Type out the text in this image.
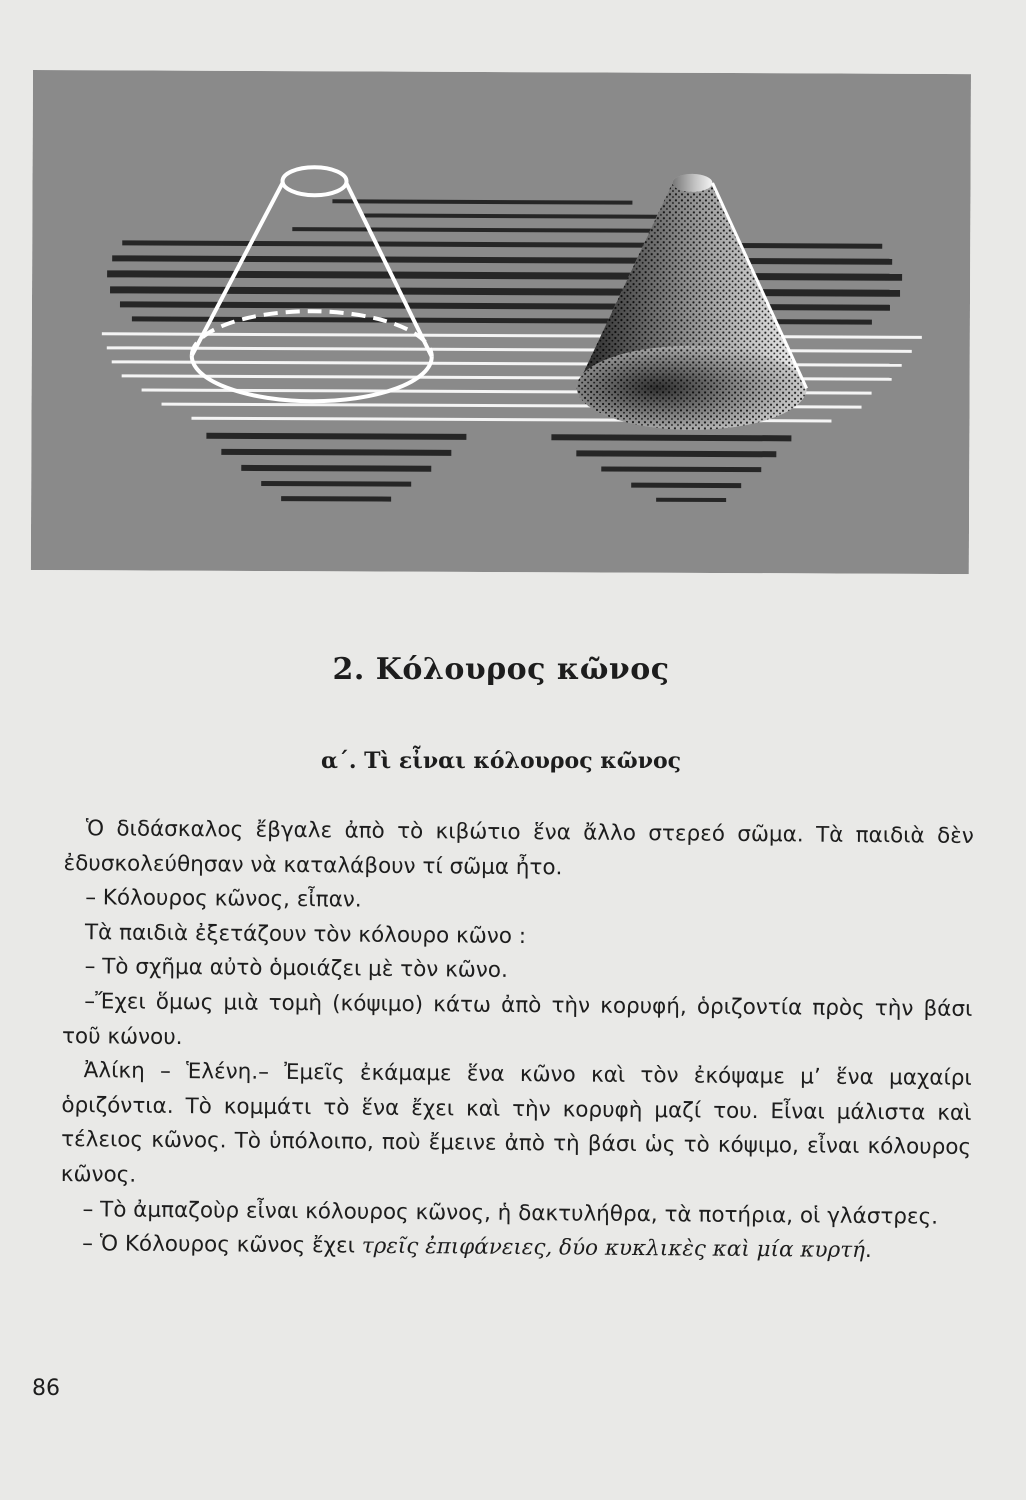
2. Κόλουρος κῶνος
α΄. Τὶ εἶναι κόλουρος κῶνος

Ὁ διδάσκαλος ἔβγαλε ἀπὸ τὸ κιβώτιο ἕνα ἄλλο στερεό σῶμα. Τὰ παιδιὰ δὲν ἐδυσκολεύθησαν νὰ καταλάβουν τί σῶμα ἦτο.

– Κόλουρος κῶνος, εἶπαν.

Τὰ παιδιὰ ἐξετάζουν τὸν κόλουρο κῶνο :

– Τὸ σχῆμα αὐτὸ ὁμοιάζει μὲ τὸν κῶνο.

–Ἔχει ὅμως μιὰ τομὴ (κόψιμο) κάτω ἀπὸ τὴν κορυφή, ὁριζοντία πρὸς τὴν βάσι τοῦ κώνου.

Ἀλίκη – Ἑλένη.– Ἐμεῖς ἐκάμαμε ἕνα κῶνο καὶ τὸν ἐκόψαμε μ’ ἕνα μαχαίρι ὁριζόντια. Τὸ κομμάτι τὸ ἕνα ἔχει καὶ τὴν κορυφὴ μαζί του. Εἶναι μάλιστα καὶ τέλειος κῶνος. Τὸ ὑπόλοιπο, ποὺ ἔμεινε ἀπὸ τὴ βάσι ὡς τὸ κόψιμο, εἶναι κόλουρος κῶνος.

– Τὸ ἀμπαζοὺρ εἶναι κόλουρος κῶνος, ἡ δακτυλήθρα, τὰ ποτήρια, οἱ γλάστρες.

– Ὁ Κόλουρος κῶνος ἔχει τρεῖς ἐπιφάνειες, δύο κυκλικὲς καὶ μία κυρτή.

86
